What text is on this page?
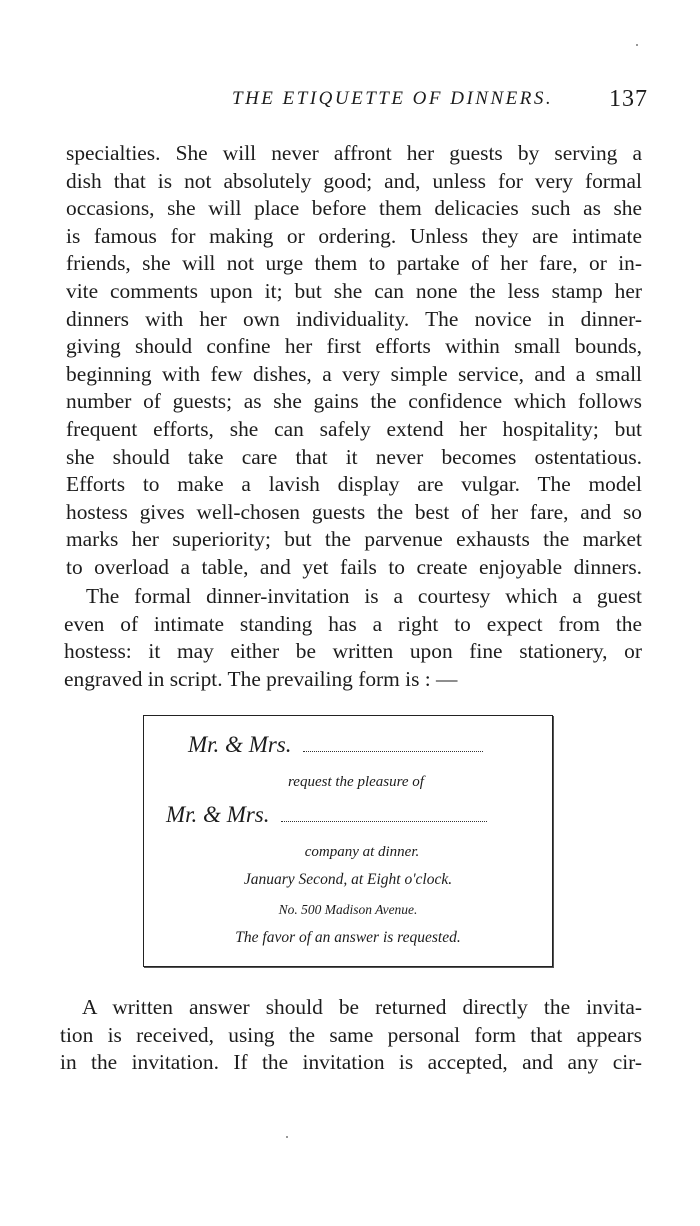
THE ETIQUETTE OF DINNERS. 137
specialties. She will never affront her guests by serving a
dish that is not absolutely good; and, unless for very formal
occasions, she will place before them delicacies such as she
is famous for making or ordering. Unless they are intimate
friends, she will not urge them to partake of her fare, or in-
vite comments upon it; but she can none the less stamp her
dinners with her own individuality. The novice in dinner-
giving should confine her first efforts within small bounds,
beginning with few dishes, a very simple service, and a small
number of guests; as she gains the confidence which follows
frequent efforts, she can safely extend her hospitality; but
she should take care that it never becomes ostentatious.
Efforts to make a lavish display are vulgar. The model
hostess gives well-chosen guests the best of her fare, and so
marks her superiority; but the parvenue exhausts the market
to overload a table, and yet fails to create enjoyable dinners.
The formal dinner-invitation is a courtesy which a guest
even of intimate standing has a right to expect from the
hostess: it may either be written upon fine stationery, or
engraved in script. The prevailing form is : —
Mr. & Mrs.
request the pleasure of
Mr. & Mrs.
company at dinner.
January Second, at Eight o'clock.
No. 500 Madison Avenue.
The favor of an answer is requested.
A written answer should be returned directly the invita-
tion is received, using the same personal form that appears
in the invitation. If the invitation is accepted, and any cir-
